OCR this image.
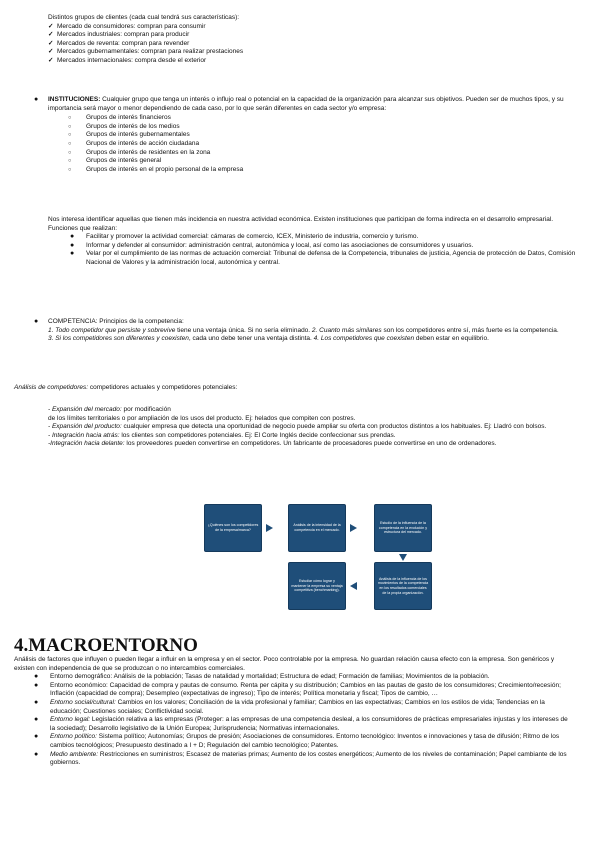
Distintos grupos de clientes (cada cual tendrá sus características):

✓ Mercado de consumidores: compran para consumir
✓ Mercados industriales: compran para producir
✓ Mercados de reventa: compran para revender
✓ Mercados gubernamentales: compran para realizar prestaciones
✓ Mercados internacionales: compra desde el exterior
● INSTITUCIONES: Cualquier grupo que tenga un interés o influjo real o potencial en la capacidad de la organización para alcanzar sus objetivos. Pueden ser de muchos tipos, y su importancia será mayor o menor dependiendo de cada caso, por lo que serán diferentes en cada sector y/o empresa:
○ Grupos de interés financieros
○ Grupos de interés de los medios
○ Grupos de interés gubernamentales
○ Grupos de interés de acción ciudadana
○ Grupos de interés de residentes en la zona
○ Grupos de interés general
○ Grupos de interés en el propio personal de la empresa

Nos interesa identificar aquellas que tienen más incidencia en nuestra actividad económica. Existen instituciones que participan de forma indirecta en el desarrollo empresarial. Funciones que realizan:

● Facilitar y promover la actividad comercial: cámaras de comercio, ICEX, Ministerio de industria, comercio y turismo.
● Informar y defender al consumidor: administración central, autonómica y local, así como las asociaciones de consumidores y usuarios.
● Velar por el cumplimiento de las normas de actuación comercial: Tribunal de defensa de la Competencia, tribunales de justicia, Agencia de protección de Datos, Comisión Nacional de Valores y la administración local, autonómica y central.
● COMPETENCIA: Principios de la competencia:

1. Todo competidor que persiste y sobrevive tiene una ventaja única. Si no sería eliminado. 2. Cuanto más similares son los competidores entre sí, más fuerte es la competencia.

3. Si los competidores son diferentes y coexisten, cada uno debe tener una ventaja distinta. 4. Los competidores que coexisten deben estar en equilibrio.

Análisis de competidores: competidores actuales y competidores potenciales:

- Expansión del mercado: por modificación

de los límites territoriales o por ampliación de los usos del producto. Ej: helados que compiten con postres.

- Expansión del producto: cualquier empresa que detecta una oportunidad de negocio puede ampliar su oferta con productos distintos a los habituales. Ej: Lladró con bolsos.

- Integración hacia atrás: los clientes son competidores potenciales. Ej: El Corte Inglés decide confeccionar sus prendas.

-Integración hacia delante: los proveedores pueden convertirse en competidores. Un fabricante de procesadores puede convertirse en uno de ordenadores.

¿Quiénes son los competidores de la empresa/marca?
Análisis de la intensidad de la competencia en el mercado.
Estudio de la influencia de la competencia en la evolución y estructura del mercado.
Análisis de la influencia de los movimientos de la competencia en los resultados comerciales de la propia organización.
Estudiar cómo lograr y mantener la empresa su ventaja competitiva (benchmarking).
4.MACROENTORNO

Análisis de factores que influyen o pueden llegar a influir en la empresa y en el sector. Poco controlable por la empresa. No guardan relación causa efecto con la empresa. Son genéricos y existen con independencia de que se produzcan o no intercambios comerciales.

● Entorno demográfico: Análisis de la población; Tasas de natalidad y mortalidad; Estructura de edad; Formación de familias; Movimientos de la población.
● Entorno económico: Capacidad de compra y pautas de consumo. Renta per cápita y su distribución; Cambios en las pautas de gasto de los consumidores; Crecimiento/recesión; Inflación (capacidad de compra); Desempleo (expectativas de ingreso); Tipo de interés; Política monetaria y fiscal; Tipos de cambio, …
● Entorno social/cultural: Cambios en los valores; Conciliación de la vida profesional y familiar; Cambios en las expectativas; Cambios en los estilos de vida; Tendencias en la educación; Cuestiones sociales; Conflictividad social.
● Entorno legal: Legislación relativa a las empresas (Proteger: a las empresas de una competencia desleal, a los consumidores de prácticas empresariales injustas y los intereses de la sociedad); Desarrollo legislativo de la Unión Europea; Jurisprudencia; Normativas internacionales.
● Entorno político: Sistema político; Autonomías; Grupos de presión; Asociaciones de consumidores. Entorno tecnológico: Inventos e innovaciones y tasa de difusión; Ritmo de los cambios tecnológicos; Presupuesto destinado a I + D; Regulación del cambio tecnológico; Patentes.
● Medio ambiente: Restricciones en suministros; Escasez de materias primas; Aumento de los costes energéticos; Aumento de los niveles de contaminación; Papel cambiante de los gobiernos.
